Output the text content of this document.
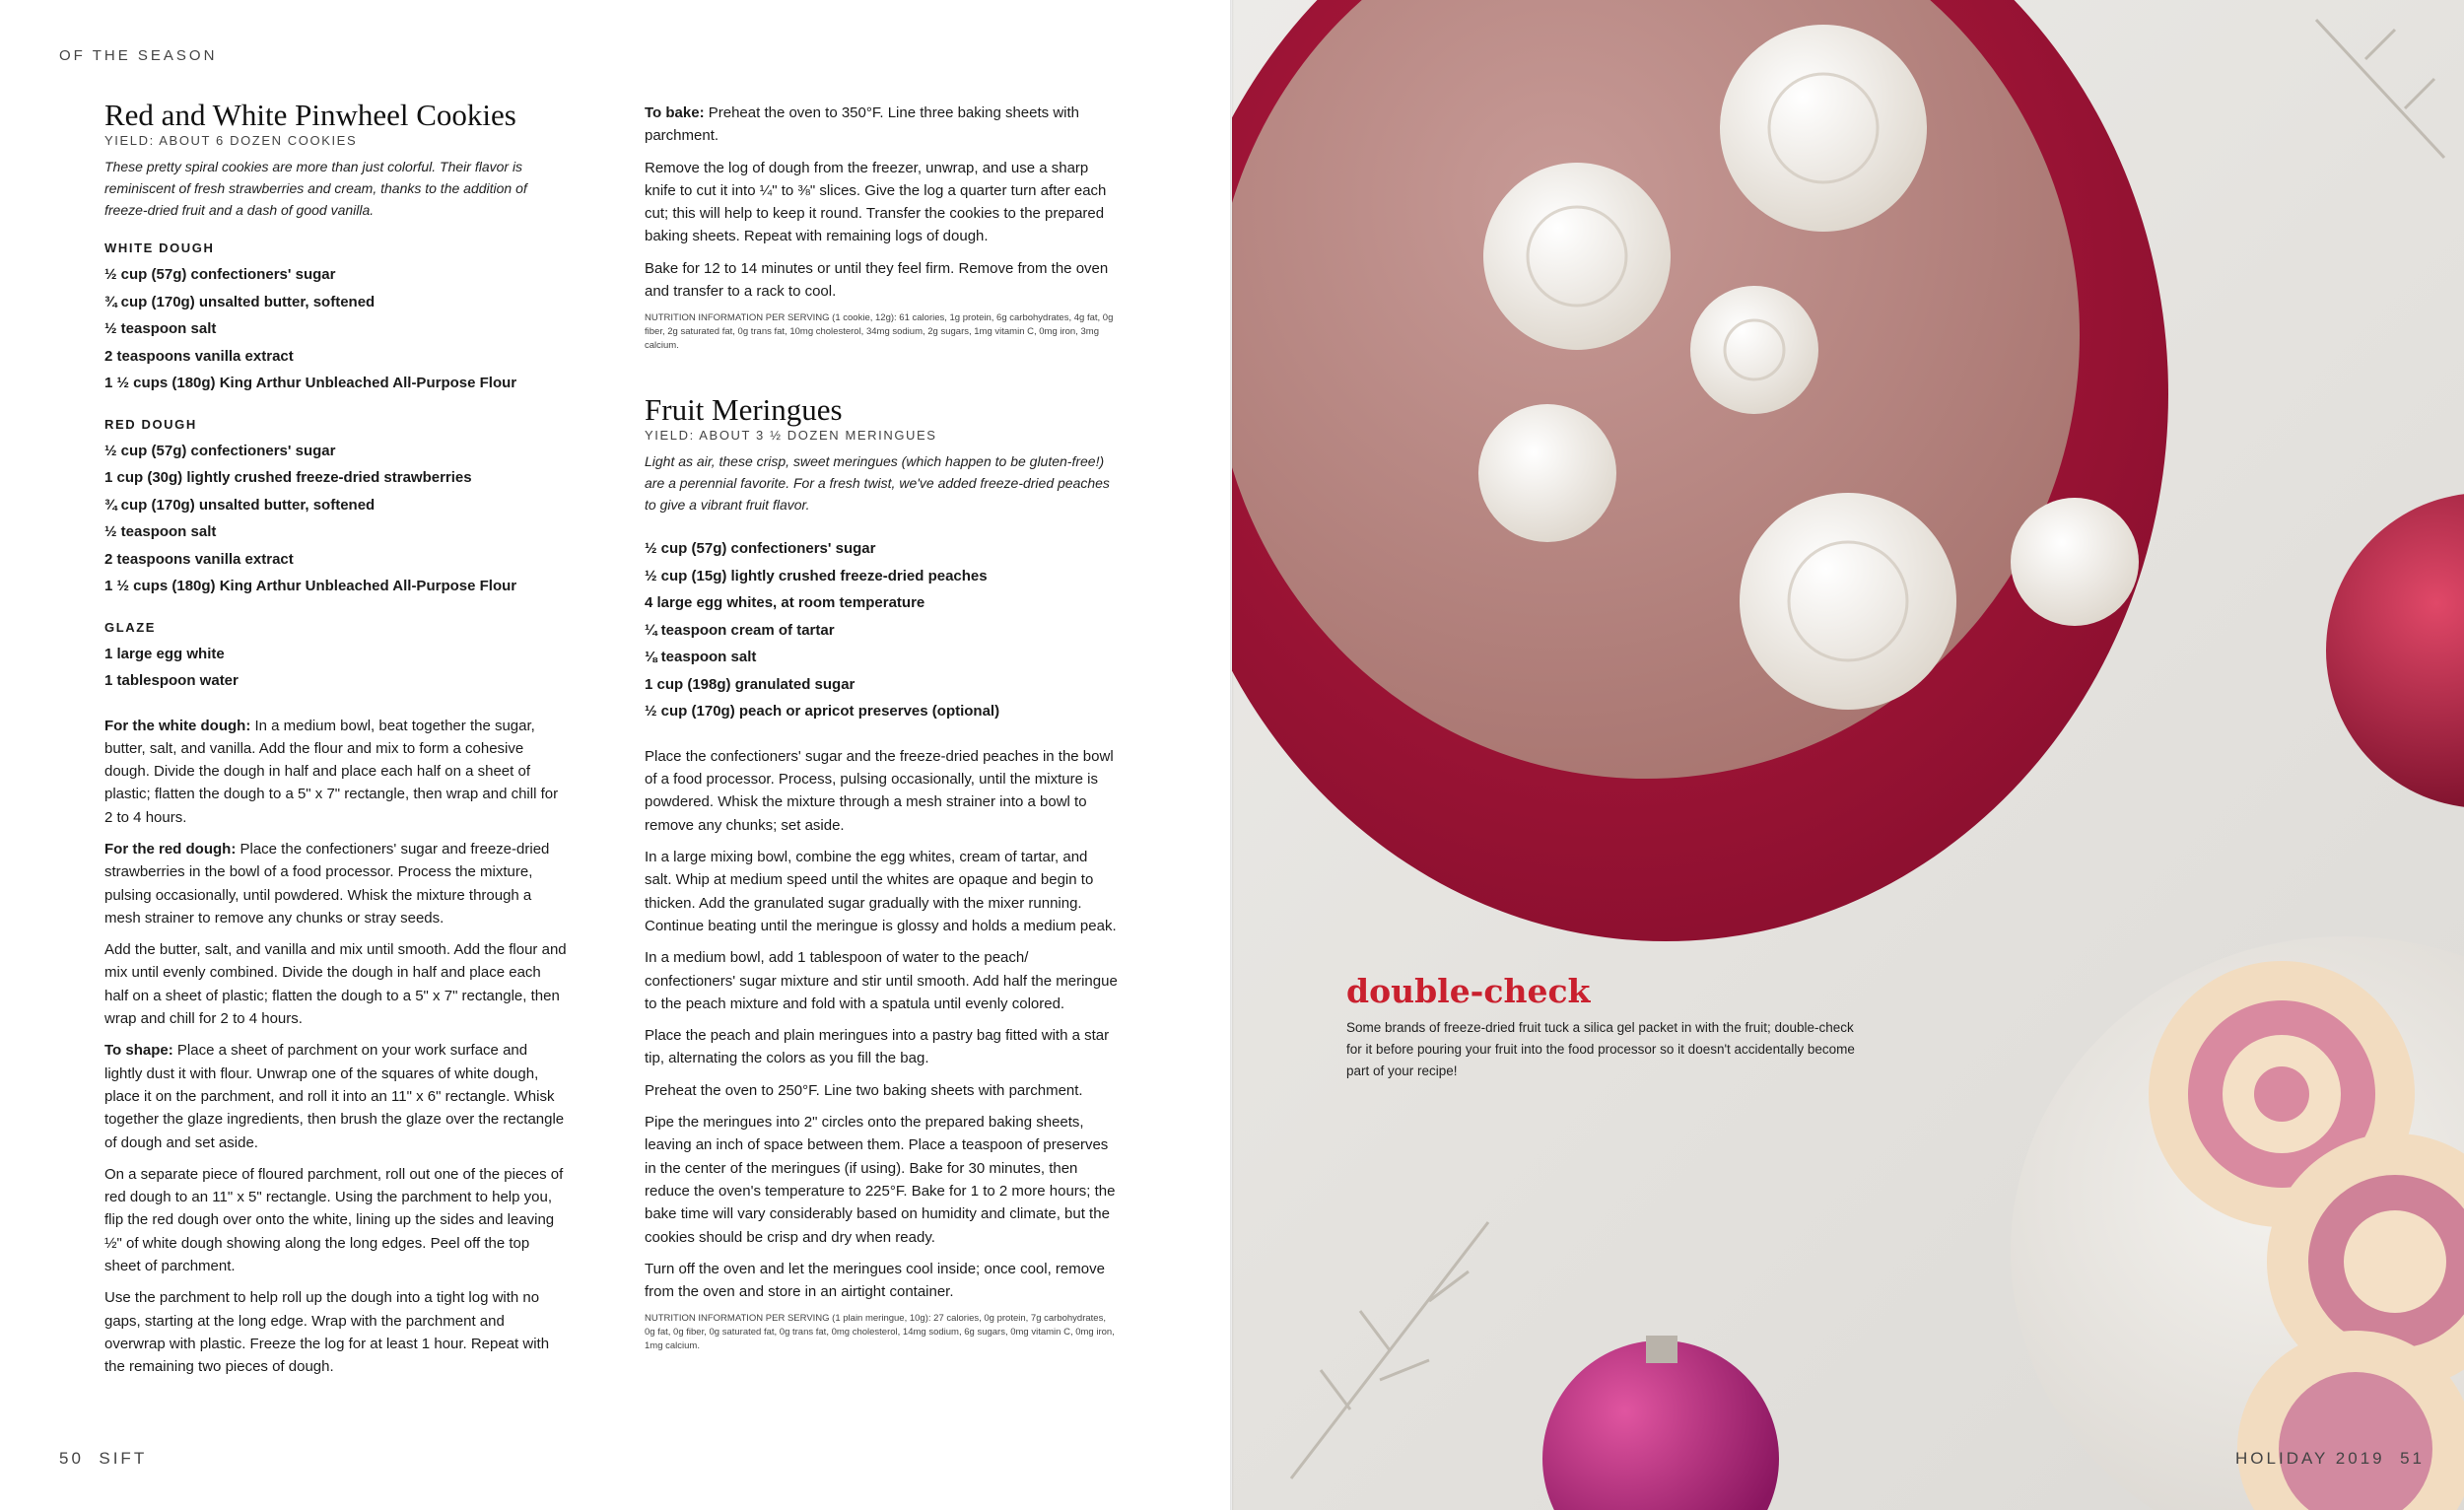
OF THE SEASON
Red and White Pinwheel Cookies
YIELD: ABOUT 6 DOZEN COOKIES

These pretty spiral cookies are more than just colorful. Their flavor is reminiscent of fresh strawberries and cream, thanks to the addition of freeze-dried fruit and a dash of good vanilla.

WHITE DOUGH
½ cup (57g) confectioners' sugar
¾ cup (170g) unsalted butter, softened
½ teaspoon salt
2 teaspoons vanilla extract
1 ½ cups (180g) King Arthur Unbleached All-Purpose Flour
RED DOUGH
½ cup (57g) confectioners' sugar
1 cup (30g) lightly crushed freeze-dried strawberries
¾ cup (170g) unsalted butter, softened
½ teaspoon salt
2 teaspoons vanilla extract
1 ½ cups (180g) King Arthur Unbleached All-Purpose Flour
GLAZE
1 large egg white
1 tablespoon water

For the white dough: In a medium bowl, beat together the sugar, butter, salt, and vanilla. Add the flour and mix to form a cohesive dough. Divide the dough in half and place each half on a sheet of plastic; flatten the dough to a 5" x 7" rectangle, then wrap and chill for 2 to 4 hours.

For the red dough: Place the confectioners' sugar and freeze-dried strawberries in the bowl of a food processor. Process the mixture, pulsing occasionally, until powdered. Whisk the mixture through a mesh strainer to remove any chunks or stray seeds.

Add the butter, salt, and vanilla and mix until smooth. Add the flour and mix until evenly combined. Divide the dough in half and place each half on a sheet of plastic; flatten the dough to a 5" x 7" rectangle, then wrap and chill for 2 to 4 hours.

To shape: Place a sheet of parchment on your work surface and lightly dust it with flour. Unwrap one of the squares of white dough, place it on the parchment, and roll it into an 11" x 6" rectangle. Whisk together the glaze ingredients, then brush the glaze over the rectangle of dough and set aside.

On a separate piece of floured parchment, roll out one of the pieces of red dough to an 11" x 5" rectangle. Using the parchment to help you, flip the red dough over onto the white, lining up the sides and leaving ½" of white dough showing along the long edges. Peel off the top sheet of parchment.

Use the parchment to help roll up the dough into a tight log with no gaps, starting at the long edge. Wrap with the parchment and overwrap with plastic. Freeze the log for at least 1 hour. Repeat with the remaining two pieces of dough.

To bake: Preheat the oven to 350°F. Line three baking sheets with parchment.

Remove the log of dough from the freezer, unwrap, and use a sharp knife to cut it into ¼" to ⅜" slices. Give the log a quarter turn after each cut; this will help to keep it round. Transfer the cookies to the prepared baking sheets. Repeat with remaining logs of dough.

Bake for 12 to 14 minutes or until they feel firm. Remove from the oven and transfer to a rack to cool.

NUTRITION INFORMATION PER SERVING (1 cookie, 12g): 61 calories, 1g protein, 6g carbohydrates, 4g fat, 0g fiber, 2g saturated fat, 0g trans fat, 10mg cholesterol, 34mg sodium, 2g sugars, 1mg vitamin C, 0mg iron, 3mg calcium.

Fruit Meringues
YIELD: ABOUT 3 ½ DOZEN MERINGUES

Light as air, these crisp, sweet meringues (which happen to be gluten-free!) are a perennial favorite. For a fresh twist, we've added freeze-dried peaches to give a vibrant fruit flavor.

½ cup (57g) confectioners' sugar
½ cup (15g) lightly crushed freeze-dried peaches
4 large egg whites, at room temperature
¼ teaspoon cream of tartar
⅛ teaspoon salt
1 cup (198g) granulated sugar
½ cup (170g) peach or apricot preserves (optional)

Place the confectioners' sugar and the freeze-dried peaches in the bowl of a food processor. Process, pulsing occasionally, until the mixture is powdered. Whisk the mixture through a mesh strainer into a bowl to remove any chunks; set aside.

In a large mixing bowl, combine the egg whites, cream of tartar, and salt. Whip at medium speed until the whites are opaque and begin to thicken. Add the granulated sugar gradually with the mixer running. Continue beating until the meringue is glossy and holds a medium peak.

In a medium bowl, add 1 tablespoon of water to the peach/ confectioners' sugar mixture and stir until smooth. Add half the meringue to the peach mixture and fold with a spatula until evenly colored.

Place the peach and plain meringues into a pastry bag fitted with a star tip, alternating the colors as you fill the bag.

Preheat the oven to 250°F. Line two baking sheets with parchment.

Pipe the meringues into 2" circles onto the prepared baking sheets, leaving an inch of space between them. Place a teaspoon of preserves in the center of the meringues (if using). Bake for 30 minutes, then reduce the oven's temperature to 225°F. Bake for 1 to 2 more hours; the bake time will vary considerably based on humidity and climate, but the cookies should be crisp and dry when ready.

Turn off the oven and let the meringues cool inside; once cool, remove from the oven and store in an airtight container.

NUTRITION INFORMATION PER SERVING (1 plain meringue, 10g): 27 calories, 0g protein, 7g carbohydrates, 0g fat, 0g fiber, 0g saturated fat, 0g trans fat, 0mg cholesterol, 14mg sodium, 6g sugars, 0mg vitamin C, 0mg iron, 1mg calcium.

50 SIFT
double-check
Some brands of freeze-dried fruit tuck a silica gel packet in with the fruit; double-check for it before pouring your fruit into the food processor so it doesn't accidentally become part of your recipe!
HOLIDAY 2019 51
